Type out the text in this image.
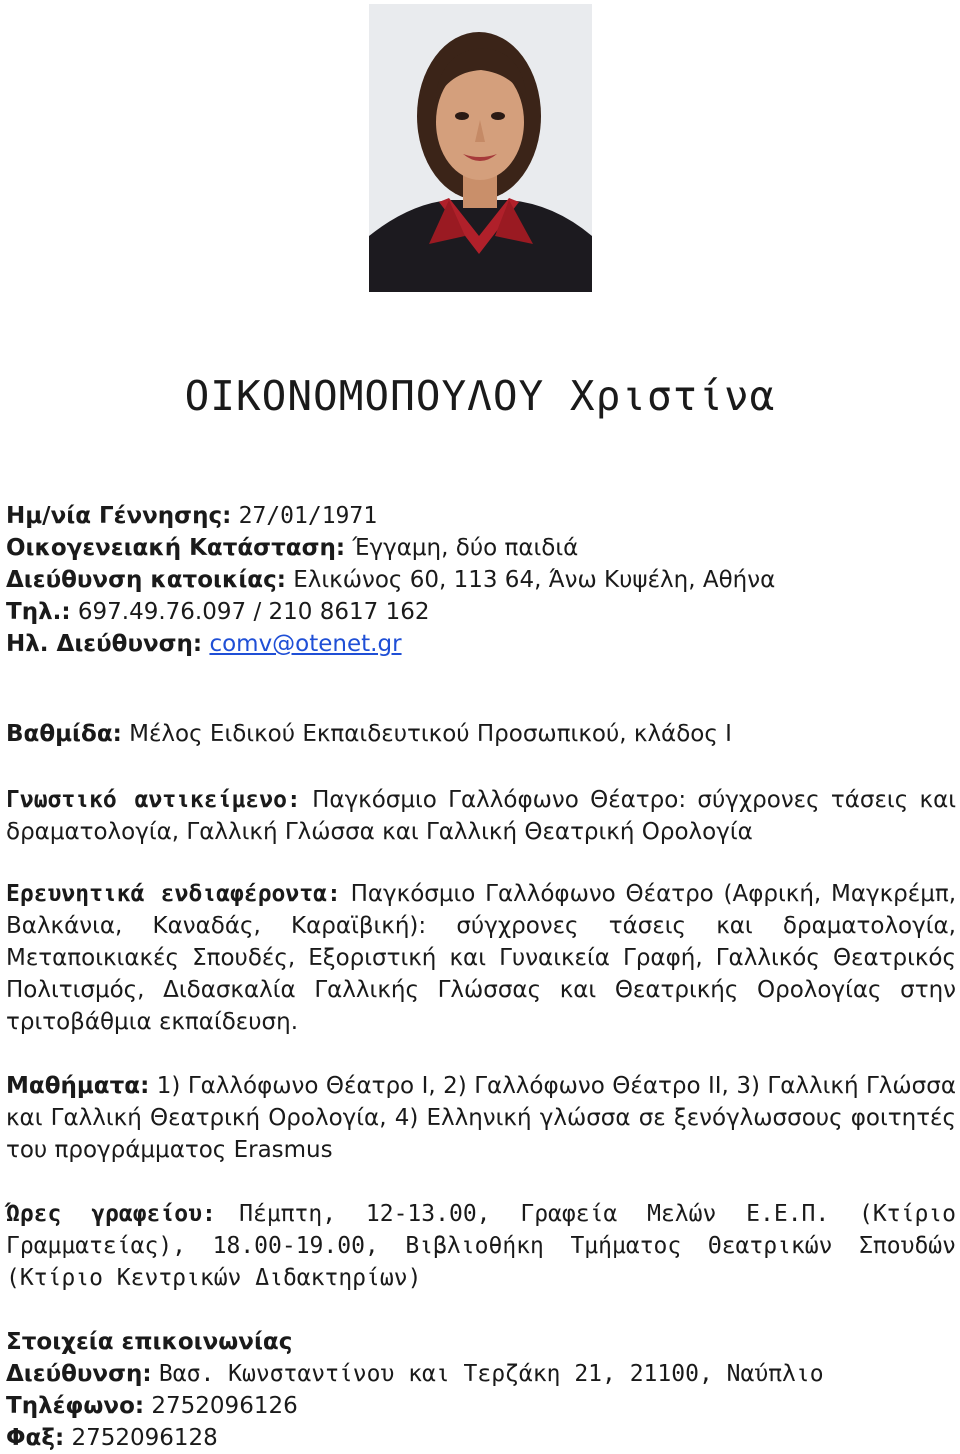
ΟΙΚΟΝΟΜΟΠΟΥΛΟΥ Χριστίνα

Ημ/νία Γέννησης: 27/01/1971

Οικογενειακή Κατάσταση: Έγγαμη, δύο παιδιά

Διεύθυνση κατοικίας: Ελικώνος 60, 113 64, Άνω Κυψέλη, Αθήνα

Τηλ.: 697.49.76.097 / 210 8617 162

Ηλ. Διεύθυνση: comv@otenet.gr

Βαθμίδα: Μέλος Ειδικού Εκπαιδευτικού Προσωπικού, κλάδος Ι

Γνωστικό αντικείμενο: Παγκόσμιο Γαλλόφωνο Θέατρο: σύγχρονες τάσεις και δραματολογία, Γαλλική Γλώσσα και Γαλλική Θεατρική Ορολογία

Ερευνητικά ενδιαφέροντα: Παγκόσμιο Γαλλόφωνο Θέατρο (Αφρική, Μαγκρέμπ, Βαλκάνια, Καναδάς, Καραϊβική): σύγχρονες τάσεις και δραματολογία, Μεταποικιακές Σπουδές, Εξοριστική και Γυναικεία Γραφή, Γαλλικός Θεατρικός Πολιτισμός, Διδασκαλία Γαλλικής Γλώσσας και Θεατρικής Ορολογίας στην τριτοβάθμια εκπαίδευση.

Μαθήματα: 1) Γαλλόφωνο Θέατρο Ι, 2) Γαλλόφωνο Θέατρο ΙΙ, 3) Γαλλική Γλώσσα και Γαλλική Θεατρική Ορολογία, 4) Ελληνική γλώσσα σε ξενόγλωσσους φοιτητές του προγράμματος Erasmus

Ώρες γραφείου: Πέμπτη, 12-13.00, Γραφεία Μελών Ε.Ε.Π. (Κτίριο Γραμματείας), 18.00-19.00, Βιβλιοθήκη Τμήματος Θεατρικών Σπουδών (Κτίριο Κεντρικών Διδακτηρίων)

Στοιχεία επικοινωνίας

Διεύθυνση: Βασ. Κωνσταντίνου και Τερζάκη 21, 21100, Ναύπλιο

Τηλέφωνο: 2752096126

Φαξ: 2752096128
